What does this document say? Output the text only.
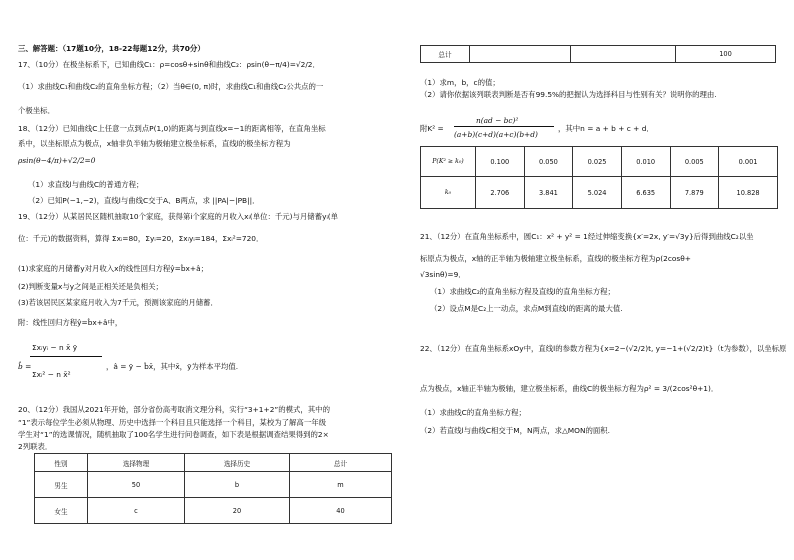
三、解答题：（17题10分，18-22每题12分，共70分）
17、（10分）在极坐标系下，已知曲线C₁：ρ=cosθ+sinθ和曲线C₂：ρsin(θ−π/4)=√2/2．
（1）求曲线C₁和曲线C₂的直角坐标方程；（2）当θ∈(0, π)时，求曲线C₁和曲线C₂公共点的一
个极坐标．
18、（12分）已知曲线C上任意一点到点P(1,0)的距离与到直线x=−1的距离相等，在直角坐标
系中，以坐标原点为极点，x轴非负半轴为极轴建立极坐标系，直线l的极坐标方程为
ρsin(θ−4/π)+√2/2=0
（1）求直线l与曲线C的普通方程；
（2）已知P(−1,−2)，直线l与曲线C交于A、B两点，求 ||PA|−|PB||．
19、（12分）从某居民区随机抽取10个家庭，获得第i个家庭的月收入xᵢ(单位：千元)与月储蓄yᵢ(单
位：千元)的数据资料，算得 Σxᵢ=80，Σyᵢ=20，Σxᵢyᵢ=184，Σxᵢ²=720．
(1)求家庭的月储蓄y对月收入x的线性回归方程ŷ=b̂x+â；
(2)判断变量x与y之间是正相关还是负相关；
(3)若该居民区某家庭月收入为7千元，预测该家庭的月储蓄．
附：线性回归方程ŷ=b̂x+â中，
Σxᵢyᵢ − n x̄ ȳ
b̂ =
Σxᵢ² − n x̄²
，â = ȳ − b̂x̄，其中x̄，ȳ为样本平均值.
20、（12分）我国从2021年开始，部分省份高考取消文理分科，实行“3+1+2”的模式，其中的
“1”表示每位学生必须从物理、历史中选择一个科目且只能选择一个科目，某校为了解高一年级
学生对“1”的选课情况，随机抽取了100名学生进行问卷调查，如下表是根据调查结果得到的2×
2列联表．
性别	选择物理	选择历史	总计
男生	50	b	m
女生	c	20	40
总计			100
（1）求m，b，c的值；
（2）请你依据该列联表判断是否有99.5%的把握认为选择科目与性别有关？说明你的理由.
附K² =
n(ad − bc)²
(a+b)(c+d)(a+c)(b+d)
，其中n = a + b + c + d．
P(K² ≥ k₀)	0.100	0.050	0.025	0.010	0.005	0.001
k₀	2.706	3.841	5.024	6.635	7.879	10.828
21、（12分）在直角坐标系中，圆C₁：x² + y² = 1经过伸缩变换{x′=2x, y′=√3y}后得到曲线C₂以坐
标原点为极点，x轴的正半轴为极轴建立极坐标系，直线l的极坐标方程为ρ(2cosθ+
√3sinθ)=9．
（1）求曲线C₂的直角坐标方程及直线l的直角坐标方程；
（2）设点M是C₂上一动点，求点M到直线l的距离的最大值.
22、（12分）在直角坐标系xOy中，直线l的参数方程为{x=2−(√2/2)t, y=−1+(√2/2)t}（t为参数），以坐标原
点为极点，x轴正半轴为极轴，建立极坐标系，曲线C的极坐标方程为ρ² = 3/(2cos²θ+1)．
（1）求曲线C的直角坐标方程；
（2）若直线l与曲线C相交于M，N两点，求△MON的面积.
